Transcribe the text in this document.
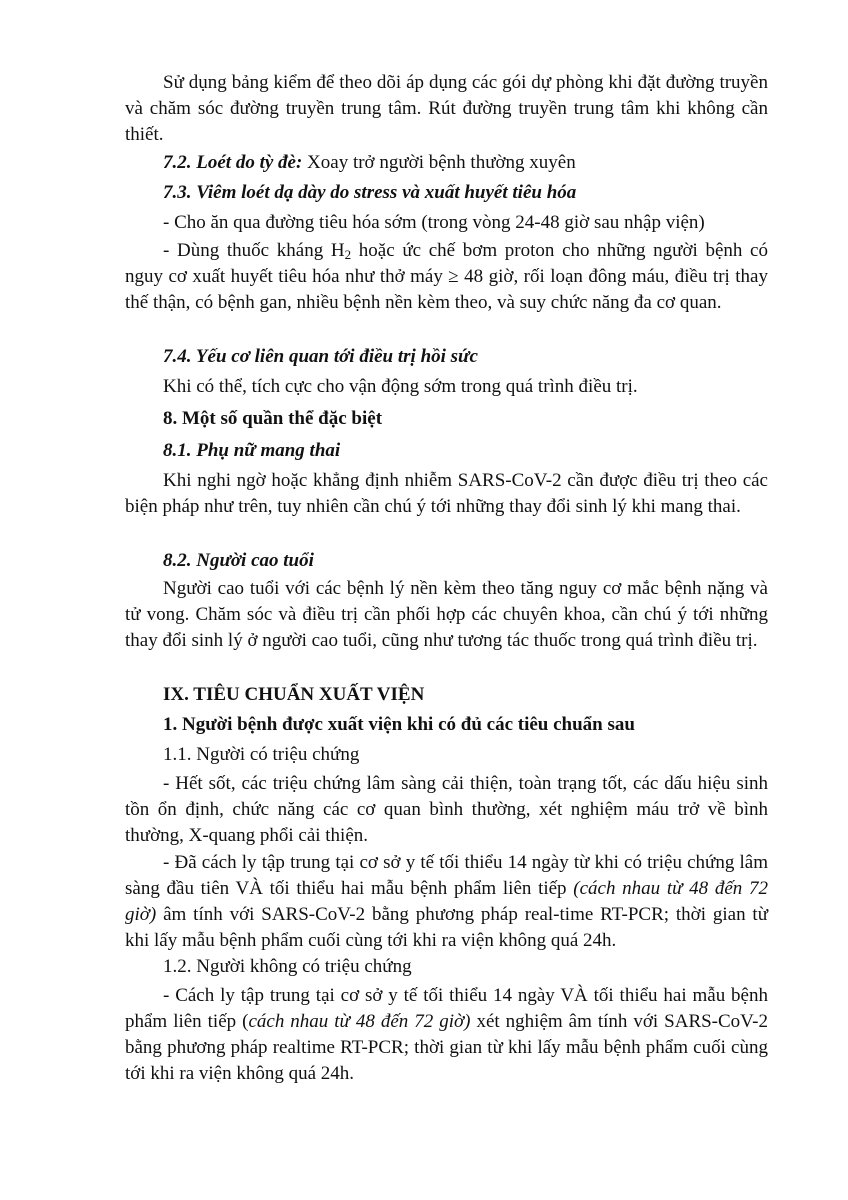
Sử dụng bảng kiểm để theo dõi áp dụng các gói dự phòng khi đặt đường truyền và chăm sóc đường truyền trung tâm. Rút đường truyền trung tâm khi không cần thiết.

7.2. Loét do tỳ đè: Xoay trở người bệnh thường xuyên

7.3. Viêm loét dạ dày do stress và xuất huyết tiêu hóa

- Cho ăn qua đường tiêu hóa sớm (trong vòng 24-48 giờ sau nhập viện)

- Dùng thuốc kháng $H_2$ hoặc ức chế bơm proton cho những người bệnh có nguy cơ xuất huyết tiêu hóa như thở máy ≥ 48 giờ, rối loạn đông máu, điều trị thay thế thận, có bệnh gan, nhiều bệnh nền kèm theo, và suy chức năng đa cơ quan.

7.4. Yếu cơ liên quan tới điều trị hồi sức

Khi có thể, tích cực cho vận động sớm trong quá trình điều trị.

8. Một số quần thể đặc biệt

8.1. Phụ nữ mang thai

Khi nghi ngờ hoặc khẳng định nhiễm SARS-CoV-2 cần được điều trị theo các biện pháp như trên, tuy nhiên cần chú ý tới những thay đổi sinh lý khi mang thai.

8.2. Người cao tuổi

Người cao tuổi với các bệnh lý nền kèm theo tăng nguy cơ mắc bệnh nặng và tử vong. Chăm sóc và điều trị cần phối hợp các chuyên khoa, cần chú ý tới những thay đổi sinh lý ở người cao tuổi, cũng như tương tác thuốc trong quá trình điều trị.

IX. TIÊU CHUẨN XUẤT VIỆN

1. Người bệnh được xuất viện khi có đủ các tiêu chuẩn sau

1.1. Người có triệu chứng

- Hết sốt, các triệu chứng lâm sàng cải thiện, toàn trạng tốt, các dấu hiệu sinh tồn ổn định, chức năng các cơ quan bình thường, xét nghiệm máu trở về bình thường, X-quang phổi cải thiện.

- Đã cách ly tập trung tại cơ sở y tế tối thiểu 14 ngày từ khi có triệu chứng lâm sàng đầu tiên VÀ tối thiểu hai mẫu bệnh phẩm liên tiếp (cách nhau từ 48 đến 72 giờ) âm tính với SARS-CoV-2 bằng phương pháp real-time RT-PCR; thời gian từ khi lấy mẫu bệnh phẩm cuối cùng tới khi ra viện không quá 24h.

1.2. Người không có triệu chứng

- Cách ly tập trung tại cơ sở y tế tối thiểu 14 ngày VÀ tối thiểu hai mẫu bệnh phẩm liên tiếp (cách nhau từ 48 đến 72 giờ) xét nghiệm âm tính với SARS-CoV-2 bằng phương pháp realtime RT-PCR; thời gian từ khi lấy mẫu bệnh phẩm cuối cùng tới khi ra viện không quá 24h.
